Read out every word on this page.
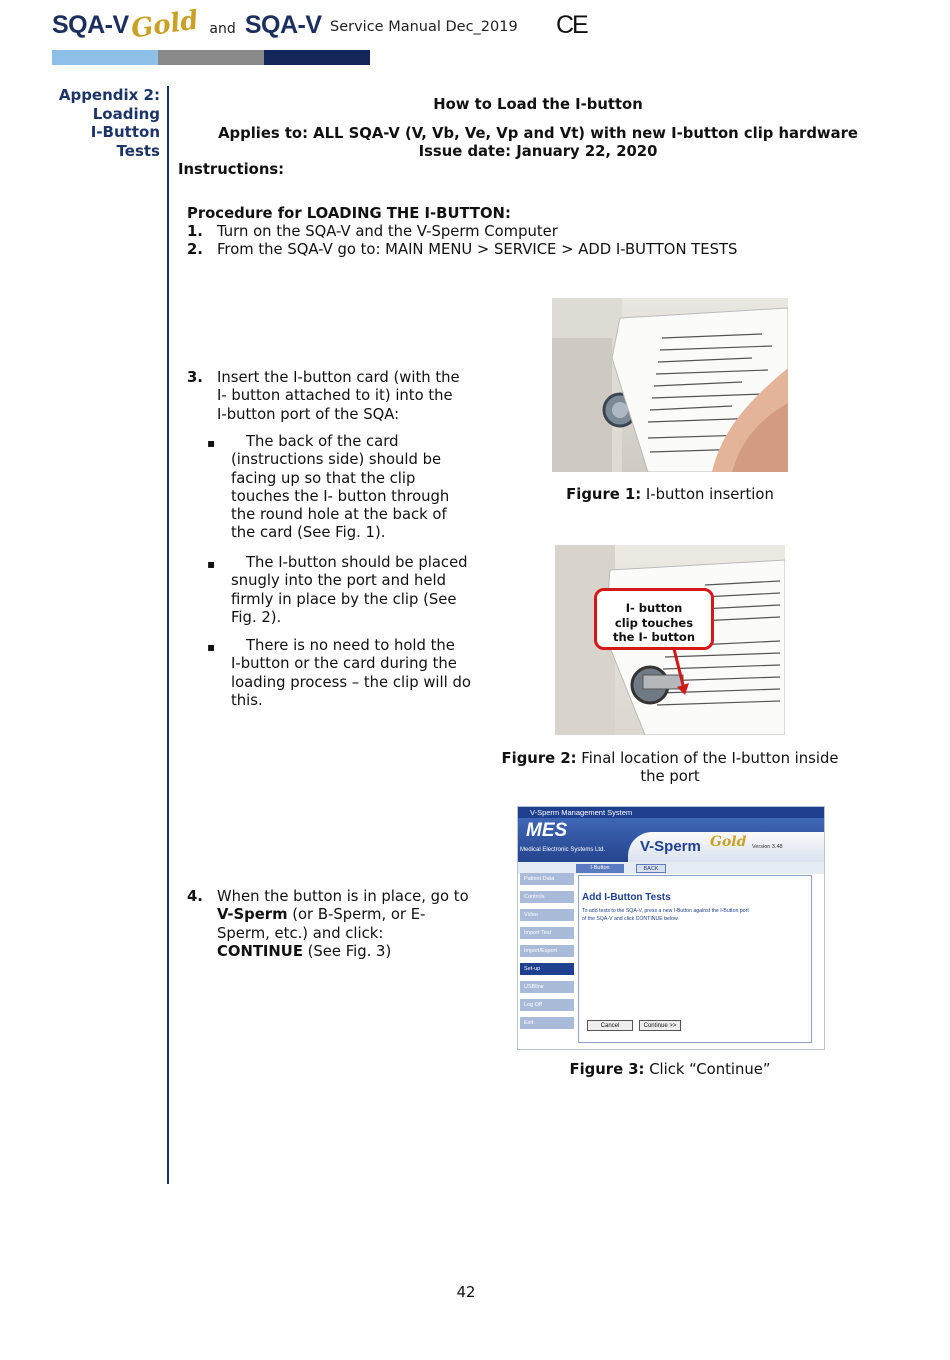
SQA-VGold and SQA-V Service Manual Dec_2019 CE
Appendix 2:
Loading
I-Button
Tests
How to Load the I-button
Applies to: ALL SQA-V (V, Vb, Ve, Vp and Vt) with new I-button clip hardware
Issue date: January 22, 2020
Instructions:
Procedure for LOADING THE I-BUTTON:
1. Turn on the SQA-V and the V-Sperm Computer
2. From the SQA-V go to: MAIN MENU > SERVICE > ADD I-BUTTON TESTS
3. Insert the I-button card (with the
I- button attached to it) into the
I-button port of the SQA:
▪	The back of the card
(instructions side) should be
facing up so that the clip
touches the I- button through
the round hole at the back of
the card (See Fig. 1).
▪	The I-button should be placed
snugly into the port and held
firmly in place by the clip (See
Fig. 2).
▪	There is no need to hold the
I-button or the card during the
loading process – the clip will do
this.
4. When the button is in place, go to
V-Sperm (or B-Sperm, or E-
Sperm, etc.) and click:
CONTINUE (See Fig. 3)
Figure 1: I-button insertion
I- button
clip touches
the I- button
Figure 2: Final location of the I-button inside
the port
V-Sperm Management System
MES
Medical Electronic Systems Ltd. V-Sperm Gold Version 3.48
I-Button	BACK
Patient Data
Controls
Video
Import Test
Import/Export
Set-up
USBline
Log Off
Exit
Add I-Button Tests
To add tests to the SQA-V, press a new I-Button against the I-Button port
of the SQA-V and click CONTINUE below.
Cancel	Continue >>
Figure 3: Click “Continue”
42
